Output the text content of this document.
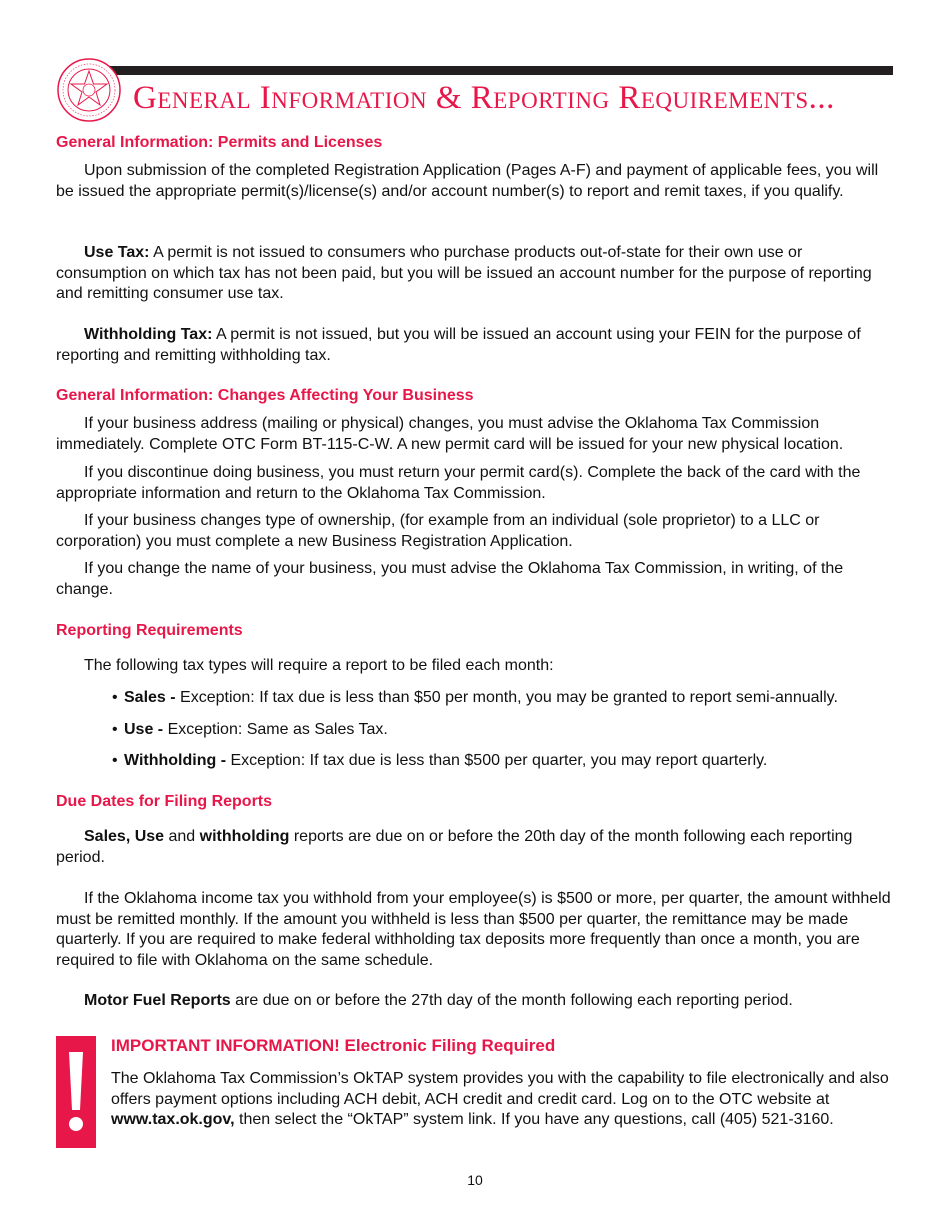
General Information & Reporting Requirements...
General Information: Permits and Licenses
Upon submission of the completed Registration Application (Pages A-F) and payment of applicable fees, you will be issued the appropriate permit(s)/license(s) and/or account number(s) to report and remit taxes, if you qualify.
Use Tax: A permit is not issued to consumers who purchase products out-of-state for their own use or consumption on which tax has not been paid, but you will be issued an account number for the purpose of reporting and remitting consumer use tax.
Withholding Tax: A permit is not issued, but you will be issued an account using your FEIN for the purpose of reporting and remitting withholding tax.
General Information: Changes Affecting Your Business
If your business address (mailing or physical) changes, you must advise the Oklahoma Tax Commission immediately. Complete OTC Form BT-115-C-W. A new permit card will be issued for your new physical location.
If you discontinue doing business, you must return your permit card(s). Complete the back of the card with the appropriate information and return to the Oklahoma Tax Commission.
If your business changes type of ownership, (for example from an individual (sole proprietor) to a LLC or corporation) you must complete a new Business Registration Application.
If you change the name of your business, you must advise the Oklahoma Tax Commission, in writing, of the change.
Reporting Requirements
The following tax types will require a report to be filed each month:
• Sales - Exception: If tax due is less than $50 per month, you may be granted to report semi-annually.
• Use - Exception: Same as Sales Tax.
• Withholding - Exception: If tax due is less than $500 per quarter, you may report quarterly.
Due Dates for Filing Reports
Sales, Use and withholding reports are due on or before the 20th day of the month following each reporting period.
If the Oklahoma income tax you withhold from your employee(s) is $500 or more, per quarter, the amount withheld must be remitted monthly. If the amount you withheld is less than $500 per quarter, the remittance may be made quarterly. If you are required to make federal withholding tax deposits more frequently than once a month, you are required to file with Oklahoma on the same schedule.
Motor Fuel Reports are due on or before the 27th day of the month following each reporting period.
IMPORTANT INFORMATION! Electronic Filing Required
The Oklahoma Tax Commission’s OkTAP system provides you with the capability to file electronically and also offers payment options including ACH debit, ACH credit and credit card. Log on to the OTC website at www.tax.ok.gov, then select the “OkTAP” system link. If you have any questions, call (405) 521-3160.
10
